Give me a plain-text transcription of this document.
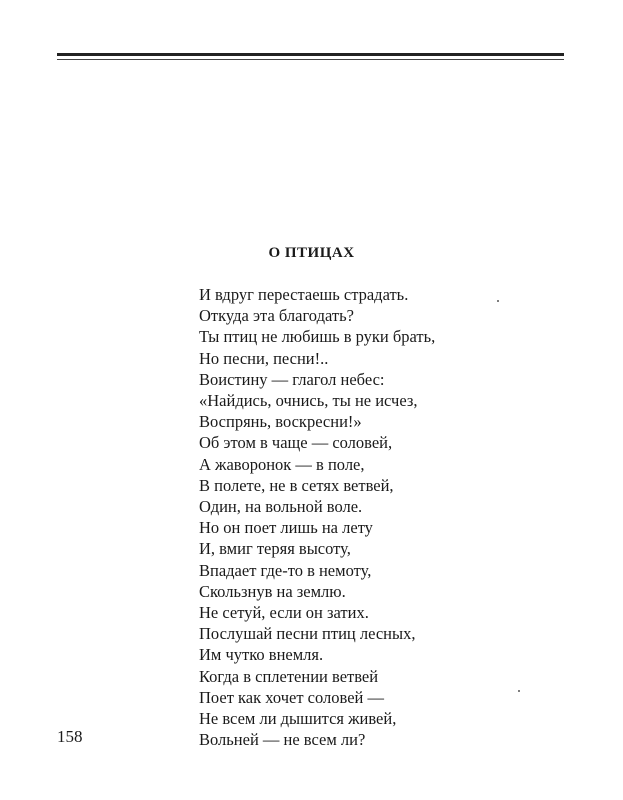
О ПТИЦАХ
И вдруг перестаешь страдать.
Откуда эта благодать?
Ты птиц не любишь в руки брать,
Но песни, песни!..
Воистину — глагол небес:
«Найдись, очнись, ты не исчез,
Воспрянь, воскресни!»
Об этом в чаще — соловей,
А жаворонок — в поле,
В полете, не в сетях ветвей,
Один, на вольной воле.
Но он поет лишь на лету
И, вмиг теряя высоту,
Впадает где-то в немоту,
Скользнув на землю.
Не сетуй, если он затих.
Послушай песни птиц лесных,
Им чутко внемля.
Когда в сплетении ветвей
Поет как хочет соловей —
Не всем ли дышится живей,
Вольней — не всем ли?
158
